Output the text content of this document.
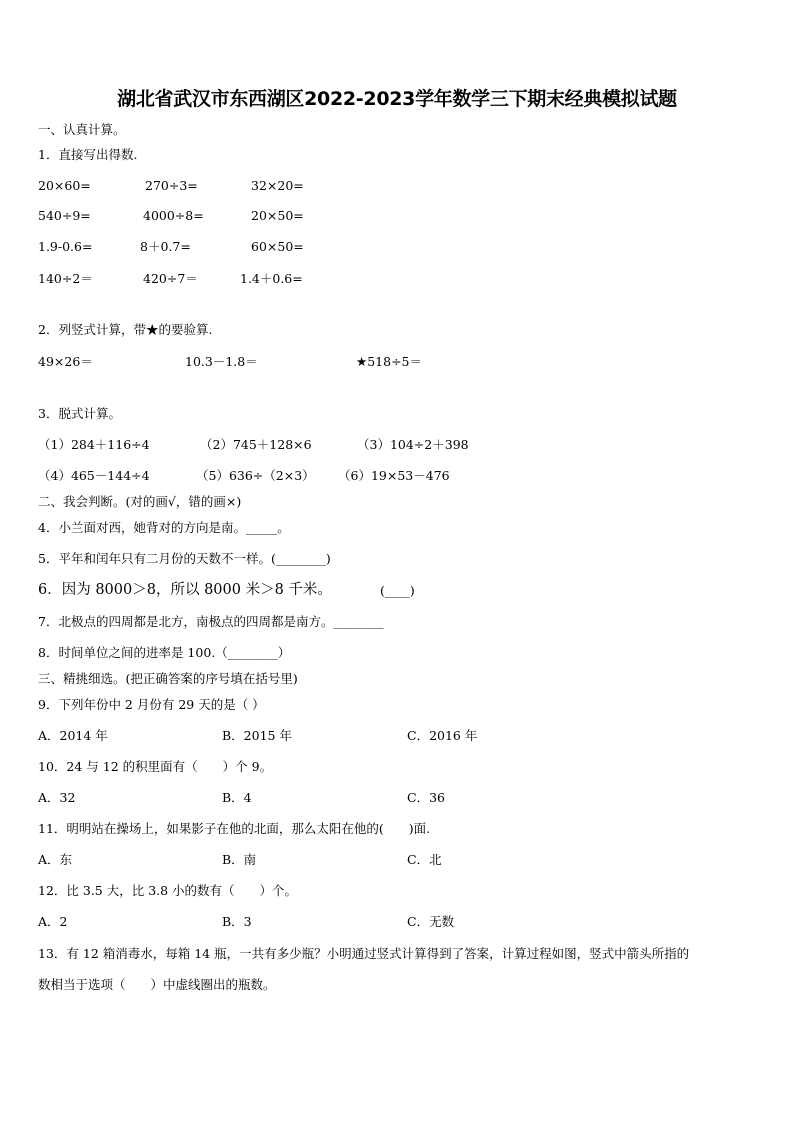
湖北省武汉市东西湖区2022-2023学年数学三下期末经典模拟试题
一、认真计算。
1．直接写出得数.
20×60=	270÷3=	32×20=
540÷9=	4000÷8=	20×50=
1.9-0.6=	8＋0.7=	60×50=
140÷2＝	420÷7＝	1.4＋0.6=
2．列竖式计算，带★的要验算.
49×26＝	10.3－1.8＝	★518÷5＝
3．脱式计算。
（1）284＋116÷4	（2）745＋128×6	（3）104÷2＋398
（4）465－144÷4	（5）636÷（2×3） （6）19×53－476
二、我会判断。(对的画√，错的画×)
4．小兰面对西，她背对的方向是南。_____。
5．平年和闰年只有二月份的天数不一样。(________)
6．因为 8000＞8，所以 8000 米＞8 千米。	(____)
7．北极点的四周都是北方，南极点的四周都是南方。________
8．时间单位之间的进率是 100.（________）
三、精挑细选。(把正确答案的序号填在括号里)
9．下列年份中 2 月份有 29 天的是（ ）
A．2014 年	B．2015 年	C．2016 年
10．24 与 12 的积里面有（　　）个 9。
A．32	B．4	C．36
11．明明站在操场上，如果影子在他的北面，那么太阳在他的(　　)面.
A．东	B．南	C．北
12．比 3.5 大，比 3.8 小的数有（　　）个。
A．2	B．3	C．无数
13．有 12 箱消毒水，每箱 14 瓶，一共有多少瓶？小明通过竖式计算得到了答案，计算过程如图，竖式中箭头所指的
数相当于选项（　　）中虚线圈出的瓶数。
